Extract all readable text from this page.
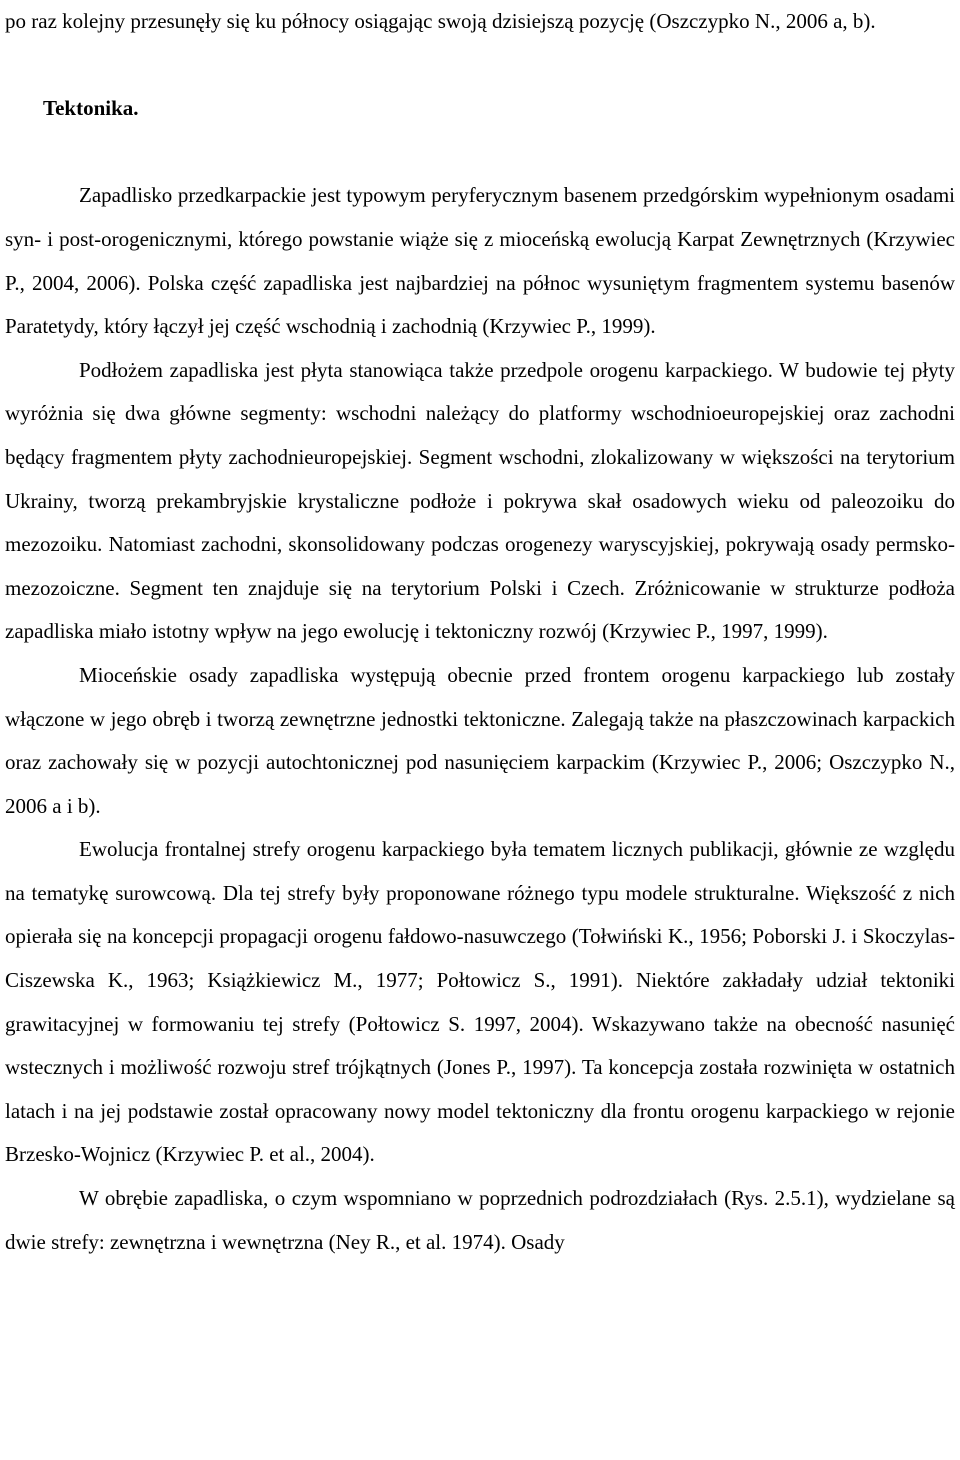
po raz kolejny przesunęły się ku północy osiągając swoją dzisiejszą pozycję (Oszczypko N., 2006 a, b).

Tektonika.

Zapadlisko przedkarpackie jest typowym peryferycznym basenem przedgórskim wypełnionym osadami syn- i post-orogenicznymi, którego powstanie wiąże się z mioceńską ewolucją Karpat Zewnętrznych (Krzywiec P., 2004, 2006). Polska część zapadliska jest najbardziej na północ wysuniętym fragmentem systemu basenów Paratetydy, który łączył jej część wschodnią i zachodnią (Krzywiec P., 1999).

Podłożem zapadliska jest płyta stanowiąca także przedpole orogenu karpackiego. W budowie tej płyty wyróżnia się dwa główne segmenty: wschodni należący do platformy wschodnioeuropejskiej oraz zachodni będący fragmentem płyty zachodnieuropejskiej. Segment wschodni, zlokalizowany w większości na terytorium Ukrainy, tworzą prekambryjskie krystaliczne podłoże i pokrywa skał osadowych wieku od paleozoiku do mezozoiku. Natomiast zachodni, skonsolidowany podczas orogenezy waryscyjskiej, pokrywają osady permsko-mezozoiczne. Segment ten znajduje się na terytorium Polski i Czech. Zróżnicowanie w strukturze podłoża zapadliska miało istotny wpływ na jego ewolucję i tektoniczny rozwój (Krzywiec P., 1997, 1999).

Mioceńskie osady zapadliska występują obecnie przed frontem orogenu karpackiego lub zostały włączone w jego obręb i tworzą zewnętrzne jednostki tektoniczne. Zalegają także na płaszczowinach karpackich oraz zachowały się w pozycji autochtonicznej pod nasunięciem karpackim (Krzywiec P., 2006; Oszczypko N., 2006 a i b).

Ewolucja frontalnej strefy orogenu karpackiego była tematem licznych publikacji, głównie ze względu na tematykę surowcową. Dla tej strefy były proponowane różnego typu modele strukturalne. Większość z nich opierała się na koncepcji propagacji orogenu fałdowo-nasuwczego (Tołwiński K., 1956; Poborski J. i Skoczylas-Ciszewska K., 1963; Książkiewicz M., 1977; Połtowicz S., 1991). Niektóre zakładały udział tektoniki grawitacyjnej w formowaniu tej strefy (Połtowicz S. 1997, 2004). Wskazywano także na obecność nasunięć wstecznych i możliwość rozwoju stref trójkątnych (Jones P., 1997). Ta koncepcja została rozwinięta w ostatnich latach i na jej podstawie został opracowany nowy model tektoniczny dla frontu orogenu karpackiego w rejonie Brzesko-Wojnicz (Krzywiec P. et al., 2004).

W obrębie zapadliska, o czym wspomniano w poprzednich podrozdziałach (Rys. 2.5.1), wydzielane są dwie strefy: zewnętrzna i wewnętrzna (Ney R., et al. 1974). Osady
